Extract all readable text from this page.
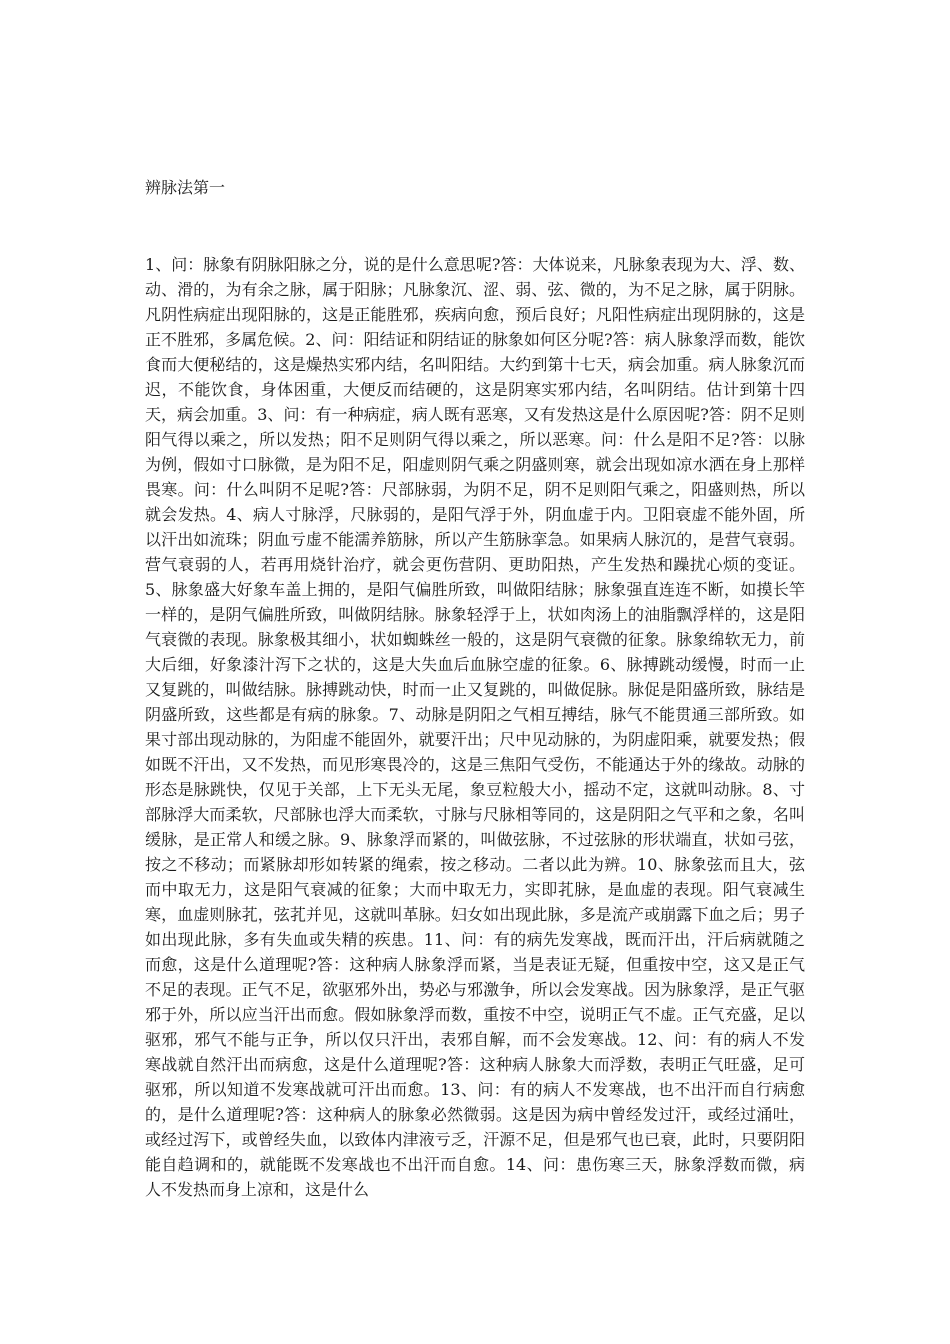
辨脉法第一

1、问：脉象有阴脉阳脉之分，说的是什么意思呢?答：大体说来，凡脉象表现为大、浮、数、动、滑的，为有余之脉，属于阳脉；凡脉象沉、涩、弱、弦、微的，为不足之脉，属于阴脉。凡阴性病症出现阳脉的，这是正能胜邪，疾病向愈，预后良好；凡阳性病症出现阴脉的，这是正不胜邪，多属危候。2、问：阳结证和阴结证的脉象如何区分呢?答：病人脉象浮而数，能饮食而大便秘结的，这是燥热实邪内结，名叫阳结。大约到第十七天，病会加重。病人脉象沉而迟，不能饮食，身体困重，大便反而结硬的，这是阴寒实邪内结，名叫阴结。估计到第十四天，病会加重。3、问：有一种病症，病人既有恶寒，又有发热这是什么原因呢?答：阴不足则阳气得以乘之，所以发热；阳不足则阴气得以乘之，所以恶寒。问：什么是阳不足?答：以脉为例，假如寸口脉微，是为阳不足，阳虚则阴气乘之阴盛则寒，就会出现如凉水洒在身上那样畏寒。问：什么叫阴不足呢?答：尺部脉弱，为阴不足，阴不足则阳气乘之，阳盛则热，所以就会发热。4、病人寸脉浮，尺脉弱的，是阳气浮于外，阴血虚于内。卫阳衰虚不能外固，所以汗出如流珠；阴血亏虚不能濡养筋脉，所以产生筋脉挛急。如果病人脉沉的，是营气衰弱。营气衰弱的人，若再用烧针治疗，就会更伤营阴、更助阳热，产生发热和躁扰心烦的变证。5、脉象盛大好象车盖上拥的，是阳气偏胜所致，叫做阳结脉；脉象强直连连不断，如摸长竿一样的，是阴气偏胜所致，叫做阴结脉。脉象轻浮于上，状如肉汤上的油脂飘浮样的，这是阳气衰微的表现。脉象极其细小，状如蜘蛛丝一般的，这是阴气衰微的征象。脉象绵软无力，前大后细，好象漆汁泻下之状的，这是大失血后血脉空虚的征象。6、脉搏跳动缓慢，时而一止又复跳的，叫做结脉。脉搏跳动快，时而一止又复跳的，叫做促脉。脉促是阳盛所致，脉结是阴盛所致，这些都是有病的脉象。7、动脉是阴阳之气相互搏结，脉气不能贯通三部所致。如果寸部出现动脉的，为阳虚不能固外，就要汗出；尺中见动脉的，为阴虚阳乘，就要发热；假如既不汗出，又不发热，而见形寒畏冷的，这是三焦阳气受伤，不能通达于外的缘故。动脉的形态是脉跳快，仅见于关部，上下无头无尾，象豆粒般大小，摇动不定，这就叫动脉。8、寸部脉浮大而柔软，尺部脉也浮大而柔软，寸脉与尺脉相等同的，这是阴阳之气平和之象，名叫缓脉，是正常人和缓之脉。9、脉象浮而紧的，叫做弦脉，不过弦脉的形状端直，状如弓弦，按之不移动；而紧脉却形如转紧的绳索，按之移动。二者以此为辨。10、脉象弦而且大，弦而中取无力，这是阳气衰减的征象；大而中取无力，实即芤脉，是血虚的表现。阳气衰减生寒，血虚则脉芤，弦芤并见，这就叫革脉。妇女如出现此脉，多是流产或崩露下血之后；男子如出现此脉，多有失血或失精的疾患。11、问：有的病先发寒战，既而汗出，汗后病就随之而愈，这是什么道理呢?答：这种病人脉象浮而紧，当是表证无疑，但重按中空，这又是正气不足的表现。正气不足，欲驱邪外出，势必与邪激争，所以会发寒战。因为脉象浮，是正气驱邪于外，所以应当汗出而愈。假如脉象浮而数，重按不中空，说明正气不虚。正气充盛，足以驱邪，邪气不能与正争，所以仅只汗出，表邪自解，而不会发寒战。12、问：有的病人不发寒战就自然汗出而病愈，这是什么道理呢?答：这种病人脉象大而浮数，表明正气旺盛，足可驱邪，所以知道不发寒战就可汗出而愈。13、问：有的病人不发寒战，也不出汗而自行病愈的，是什么道理呢?答：这种病人的脉象必然微弱。这是因为病中曾经发过汗，或经过涌吐，或经过泻下，或曾经失血，以致体内津液亏乏，汗源不足，但是邪气也已衰，此时，只要阴阳能自趋调和的，就能既不发寒战也不出汗而自愈。14、问：患伤寒三天，脉象浮数而微，病人不发热而身上凉和，这是什么
